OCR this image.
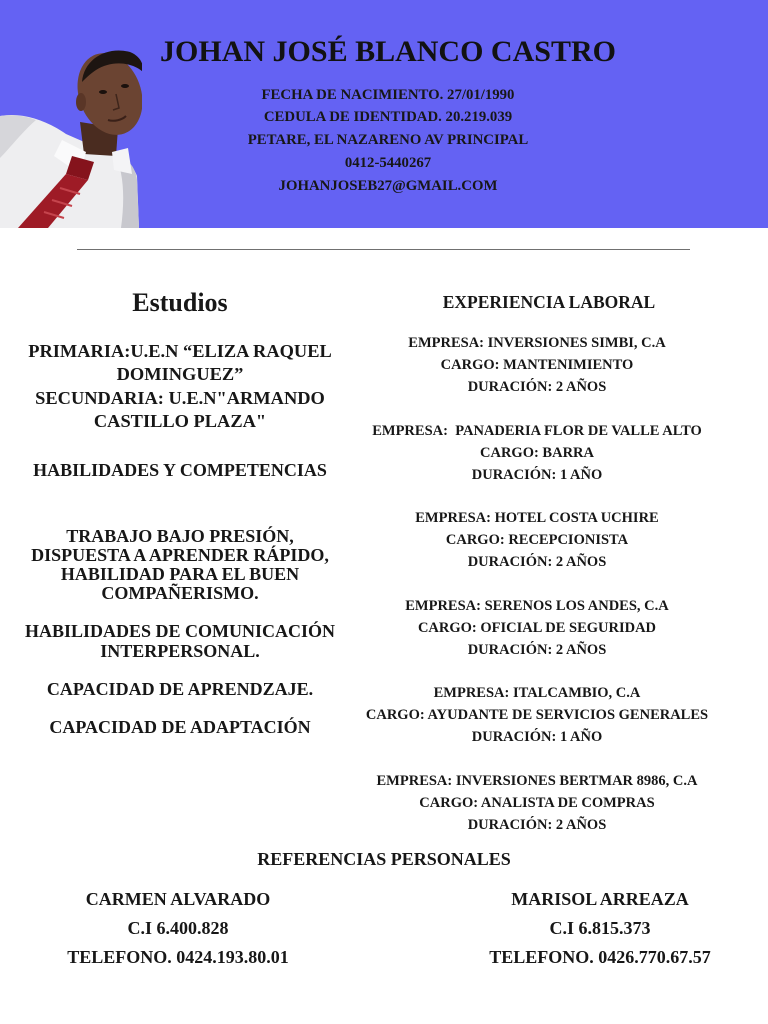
JOHAN JOSÉ BLANCO CASTRO
FECHA DE NACIMIENTO. 27/01/1990
CEDULA DE IDENTIDAD. 20.219.039
PETARE, EL NAZARENO AV PRINCIPAL
0412-5440267
JOHANJOSEB27@GMAIL.COM
Estudios
PRIMARIA:U.E.N “ELIZA RAQUEL
DOMINGUEZ”
SECUNDARIA: U.E.N"ARMANDO
CASTILLO PLAZA"
HABILIDADES Y COMPETENCIAS
TRABAJO BAJO PRESIÓN,
DISPUESTA A APRENDER RÁPIDO,
HABILIDAD PARA EL BUEN
COMPAÑERISMO.
HABILIDADES DE COMUNICACIÓN
INTERPERSONAL.
CAPACIDAD DE APRENDZAJE.
CAPACIDAD DE ADAPTACIÓN
EXPERIENCIA LABORAL
EMPRESA: INVERSIONES SIMBI, C.A
CARGO: MANTENIMIENTO
DURACIÓN: 2 AÑOS
EMPRESA:  PANADERIA FLOR DE VALLE ALTO
CARGO: BARRA
DURACIÓN: 1 AÑO
EMPRESA: HOTEL COSTA UCHIRE
CARGO: RECEPCIONISTA
DURACIÓN: 2 AÑOS
EMPRESA: SERENOS LOS ANDES, C.A
CARGO: OFICIAL DE SEGURIDAD
DURACIÓN: 2 AÑOS
EMPRESA: ITALCAMBIO, C.A
CARGO: AYUDANTE DE SERVICIOS GENERALES
DURACIÓN: 1 AÑO
EMPRESA: INVERSIONES BERTMAR 8986, C.A
CARGO: ANALISTA DE COMPRAS
DURACIÓN: 2 AÑOS
REFERENCIAS PERSONALES
CARMEN ALVARADO
C.I 6.400.828
TELEFONO. 0424.193.80.01
MARISOL ARREAZA
C.I 6.815.373
TELEFONO. 0426.770.67.57
